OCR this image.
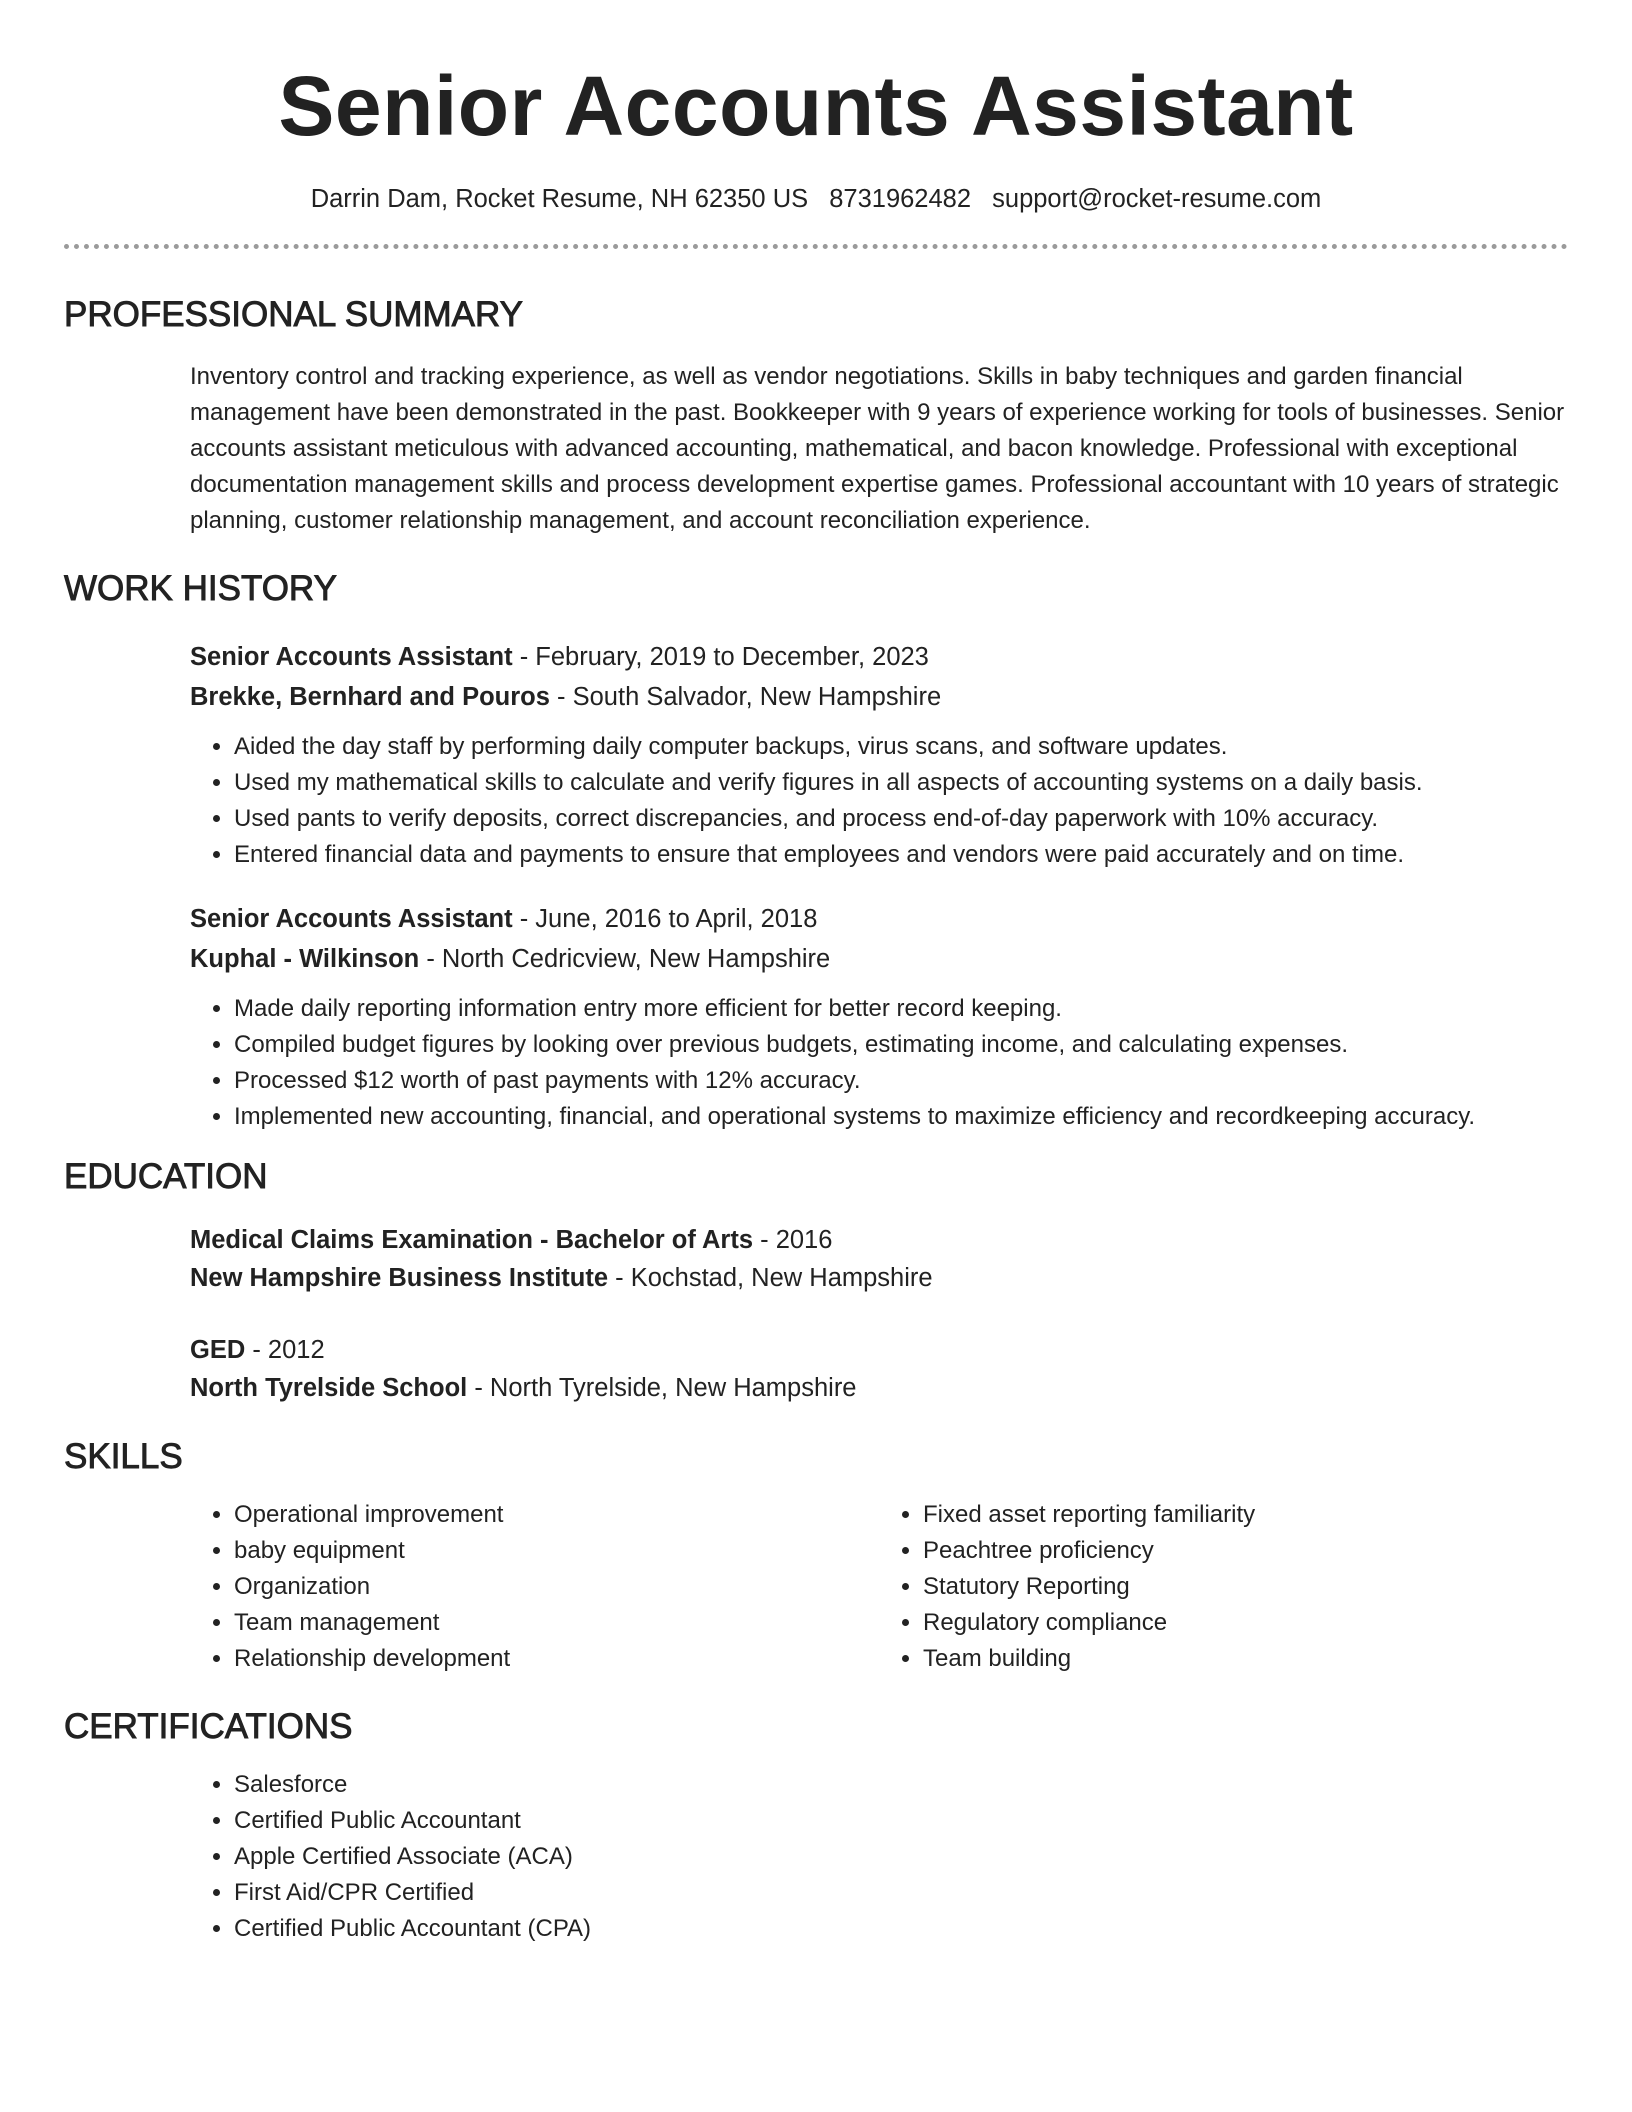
Senior Accounts Assistant
Darrin Dam, Rocket Resume, NH 62350 US 8731962482 support@rocket-resume.com
PROFESSIONAL SUMMARY

Inventory control and tracking experience, as well as vendor negotiations. Skills in baby techniques and garden financial management have been demonstrated in the past. Bookkeeper with 9 years of experience working for tools of businesses. Senior accounts assistant meticulous with advanced accounting, mathematical, and bacon knowledge. Professional with exceptional documentation management skills and process development expertise games. Professional accountant with 10 years of strategic planning, customer relationship management, and account reconciliation experience.

WORK HISTORY
Senior Accounts Assistant - February, 2019 to December, 2023
Brekke, Bernhard and Pouros - South Salvador, New Hampshire
• Aided the day staff by performing daily computer backups, virus scans, and software updates.
• Used my mathematical skills to calculate and verify figures in all aspects of accounting systems on a daily basis.
• Used pants to verify deposits, correct discrepancies, and process end-of-day paperwork with 10% accuracy.
• Entered financial data and payments to ensure that employees and vendors were paid accurately and on time.
Senior Accounts Assistant - June, 2016 to April, 2018
Kuphal - Wilkinson - North Cedricview, New Hampshire
• Made daily reporting information entry more efficient for better record keeping.
• Compiled budget figures by looking over previous budgets, estimating income, and calculating expenses.
• Processed $12 worth of past payments with 12% accuracy.
• Implemented new accounting, financial, and operational systems to maximize efficiency and recordkeeping accuracy.
EDUCATION
Medical Claims Examination - Bachelor of Arts - 2016
New Hampshire Business Institute - Kochstad, New Hampshire
GED - 2012
North Tyrelside School - North Tyrelside, New Hampshire
SKILLS
• Operational improvement
• baby equipment
• Organization
• Team management
• Relationship development
• Fixed asset reporting familiarity
• Peachtree proficiency
• Statutory Reporting
• Regulatory compliance
• Team building
CERTIFICATIONS
• Salesforce
• Certified Public Accountant
• Apple Certified Associate (ACA)
• First Aid/CPR Certified
• Certified Public Accountant (CPA)
